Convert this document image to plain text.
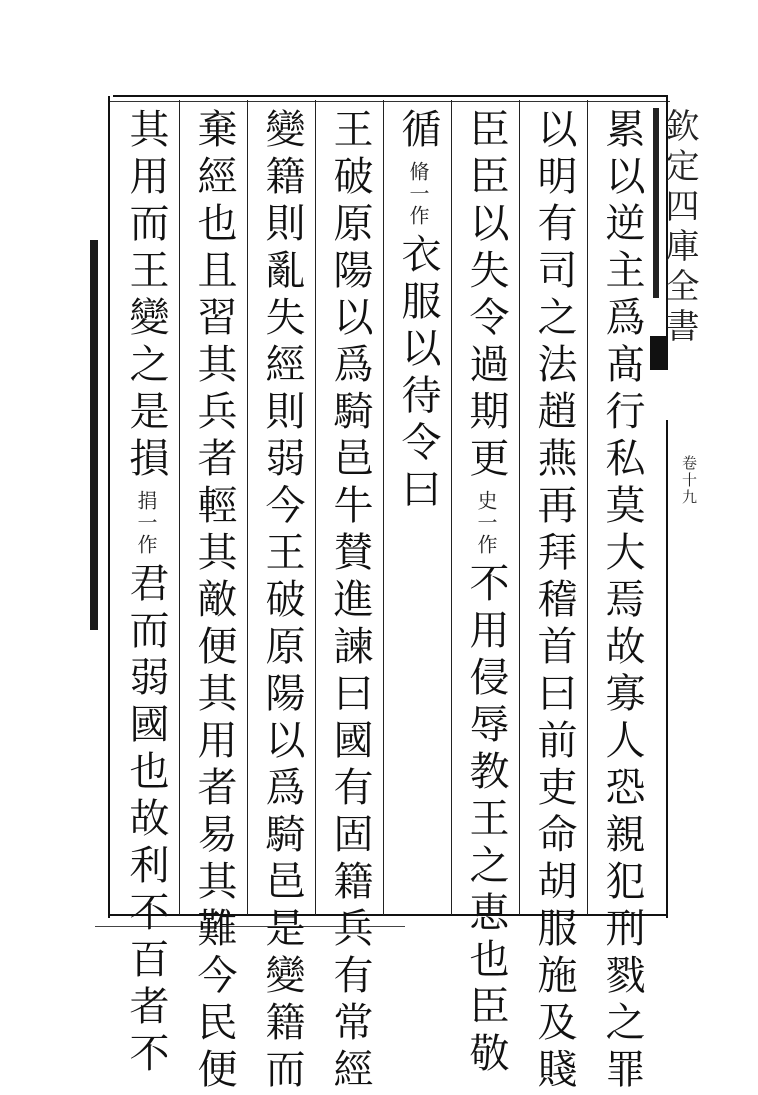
欽定四庫全書
卷十九
累以逆主爲髙行私莫大焉故寡人恐親犯刑戮之罪
以明有司之法趙燕再拜稽首曰前吏命胡服施及賤
臣臣以失令過期更
史一作
不用侵辱教王之恵也臣敬
循
脩一作
衣服以待令曰
王破原陽以爲騎邑牛賛進諫曰國有固籍兵有常經
變籍則亂失經則弱今王破原陽以爲騎邑是變籍而
棄經也且習其兵者輕其敵便其用者易其難今民便
其用而王變之是損
捐一作
君而弱國也故利不百者不
